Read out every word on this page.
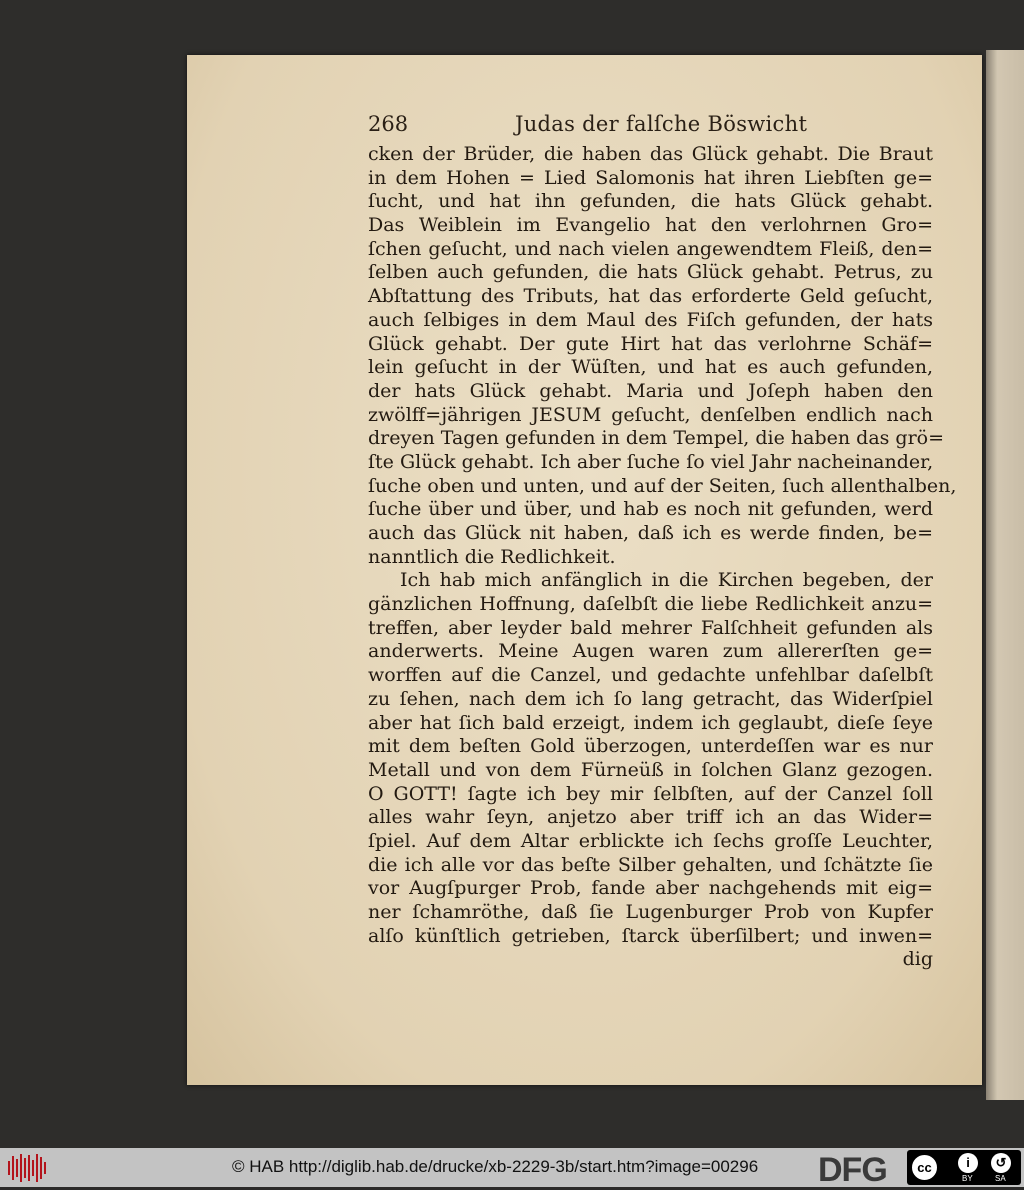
268	Judas der falſche Böswicht
cken der Brüder, die haben das Glück gehabt. Die Braut
in dem Hohen = Lied Salomonis hat ihren Liebſten ge=
ſucht, und hat ihn gefunden, die hats Glück gehabt.
Das Weiblein im Evangelio hat den verlohrnen Gro=
ſchen geſucht, und nach vielen angewendtem Fleiß, den=
ſelben auch gefunden, die hats Glück gehabt. Petrus, zu
Abſtattung des Tributs, hat das erforderte Geld geſucht,
auch ſelbiges in dem Maul des Fiſch gefunden, der hats
Glück gehabt. Der gute Hirt hat das verlohrne Schäf=
lein geſucht in der Wüſten, und hat es auch gefunden,
der hats Glück gehabt. Maria und Joſeph haben den
zwölff=jährigen JESUM geſucht, denſelben endlich nach
dreyen Tagen gefunden in dem Tempel, die haben das grö=
ſte Glück gehabt. Ich aber ſuche ſo viel Jahr nacheinander,
ſuche oben und unten, und auf der Seiten, ſuch allenthalben,
ſuche über und über, und hab es noch nit gefunden, werd
auch das Glück nit haben, daß ich es werde finden, be=
nanntlich die Redlichkeit.
Ich hab mich anfänglich in die Kirchen begeben, der
gänzlichen Hoffnung, daſelbſt die liebe Redlichkeit anzu=
treffen, aber leyder bald mehrer Falſchheit gefunden als
anderwerts. Meine Augen waren zum allererſten ge=
worffen auf die Canzel, und gedachte unfehlbar daſelbſt
zu ſehen, nach dem ich ſo lang getracht, das Widerſpiel
aber hat ſich bald erzeigt, indem ich geglaubt, dieſe ſeye
mit dem beſten Gold überzogen, unterdeſſen war es nur
Metall und von dem Fürneüß in ſolchen Glanz gezogen.
O GOTT! ſagte ich bey mir ſelbſten, auf der Canzel ſoll
alles wahr ſeyn, anjetzo aber triff ich an das Wider=
ſpiel. Auf dem Altar erblickte ich ſechs groſſe Leuchter,
die ich alle vor das beſte Silber gehalten, und ſchätzte ſie
vor Augſpurger Prob, fande aber nachgehends mit eig=
ner ſchamröthe, daß ſie Lugenburger Prob von Kupfer
alſo künſtlich getrieben, ſtarck überſilbert; und inwen=
dig
© HAB http://diglib.hab.de/drucke/xb-2229-3b/start.htm?image=00296 DFG	cc	i	↺
BY	SA
